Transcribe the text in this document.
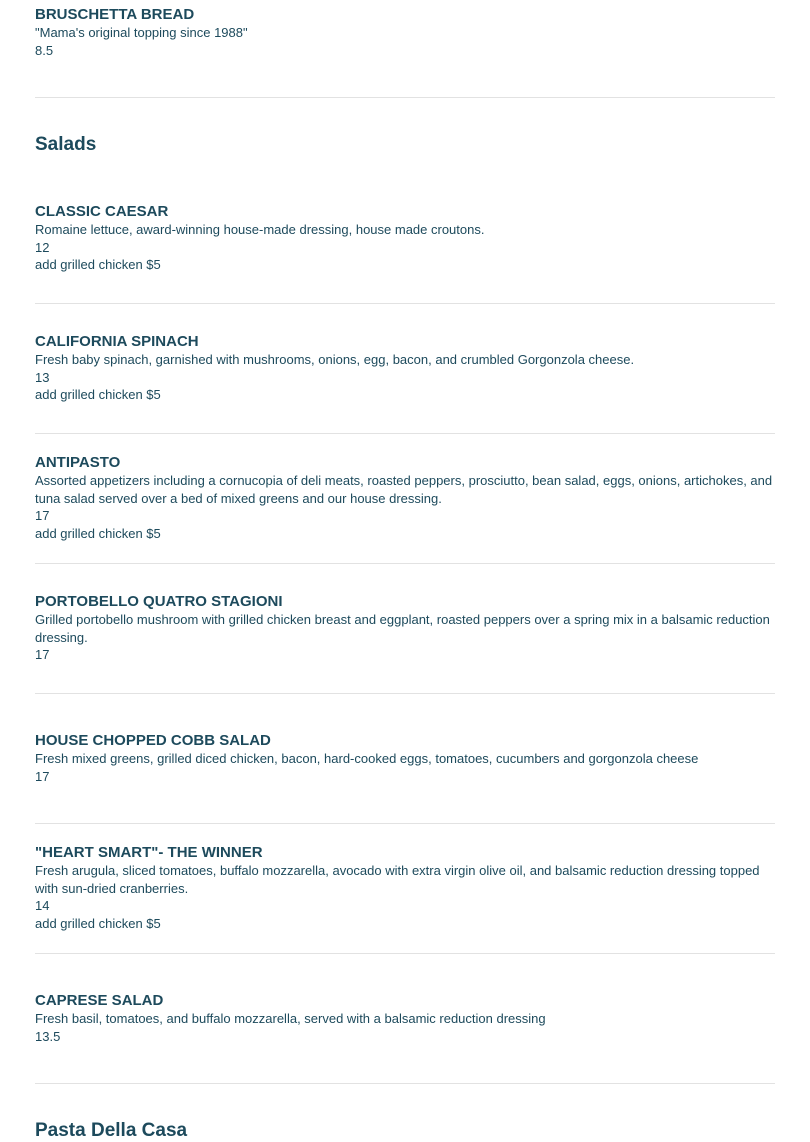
BRUSCHETTA BREAD
"Mama's original topping since 1988"
8.5
Salads
CLASSIC CAESAR
Romaine lettuce, award-winning house-made dressing, house made croutons.
12
add grilled chicken $5
CALIFORNIA SPINACH
Fresh baby spinach, garnished with mushrooms, onions, egg, bacon, and crumbled Gorgonzola cheese.
13
add grilled chicken $5
ANTIPASTO
Assorted appetizers including a cornucopia of deli meats, roasted peppers, prosciutto, bean salad, eggs, onions, artichokes, and tuna salad served over a bed of mixed greens and our house dressing.
17
add grilled chicken $5
PORTOBELLO QUATRO STAGIONI
Grilled portobello mushroom with grilled chicken breast and eggplant, roasted peppers over a spring mix in a balsamic reduction dressing.
17
HOUSE CHOPPED COBB SALAD
Fresh mixed greens, grilled diced chicken, bacon, hard-cooked eggs, tomatoes, cucumbers and gorgonzola cheese
17
"HEART SMART"- THE WINNER
Fresh arugula, sliced tomatoes, buffalo mozzarella, avocado with extra virgin olive oil, and balsamic reduction dressing topped with sun-dried cranberries.
14
add grilled chicken $5
CAPRESE SALAD
Fresh basil, tomatoes, and buffalo mozzarella, served with a balsamic reduction dressing
13.5
Pasta Della Casa
